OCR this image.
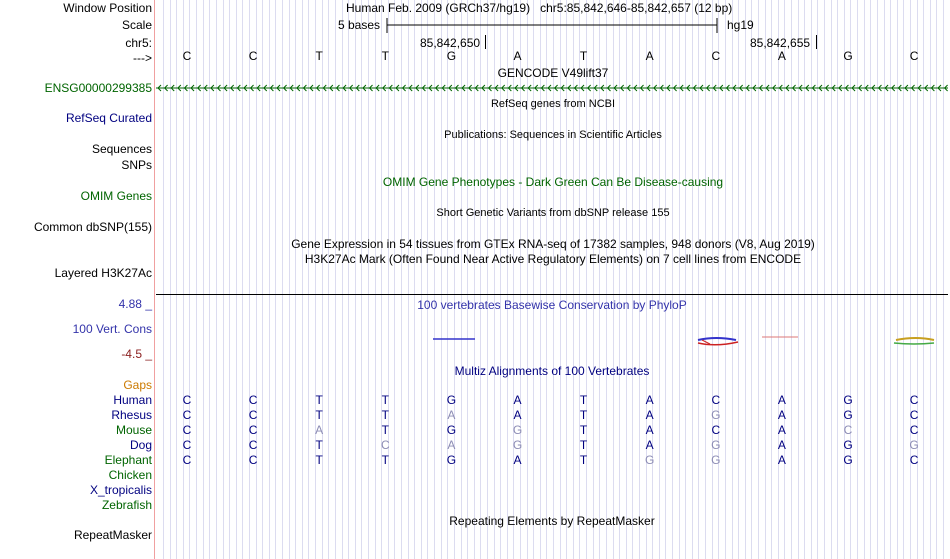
Window Position	Human Feb. 2009 (GRCh37/hg19)   chr5:85,842,646-85,842,657 (12 bp)
Scale	5 bases	hg19
chr5:	85,842,650	85,842,655
--->	C	C	T	T	G	A	T	A	C	A	G	C
GENCODE V49lift37
ENSG00000299385
RefSeq genes from NCBI
RefSeq Curated
Publications: Sequences in Scientific Articles
Sequences
SNPs
OMIM Gene Phenotypes - Dark Green Can Be Disease-causing
OMIM Genes
Short Genetic Variants from dbSNP release 155
Common dbSNP(155)
Gene Expression in 54 tissues from GTEx RNA-seq of 17382 samples, 948 donors (V8, Aug 2019)
H3K27Ac Mark (Often Found Near Active Regulatory Elements) on 7 cell lines from ENCODE
Layered H3K27Ac
4.88 _	100 vertebrates Basewise Conservation by PhyloP
100 Vert. Cons
-4.5 _
Multiz Alignments of 100 Vertebrates
Gaps
Human	C	C	T	T	G	A	T	A	C	A	G	C
Rhesus	C	C	T	T	A	A	T	A	G	A	G	C
Mouse	C	C	A	T	G	G	T	A	C	A	C	C
Dog	C	C	T	C	A	G	T	A	G	A	G	G
Elephant	C	C	T	T	G	A	T	G	G	A	G	C
Chicken
X_tropicalis
Zebrafish
Repeating Elements by RepeatMasker
RepeatMasker
